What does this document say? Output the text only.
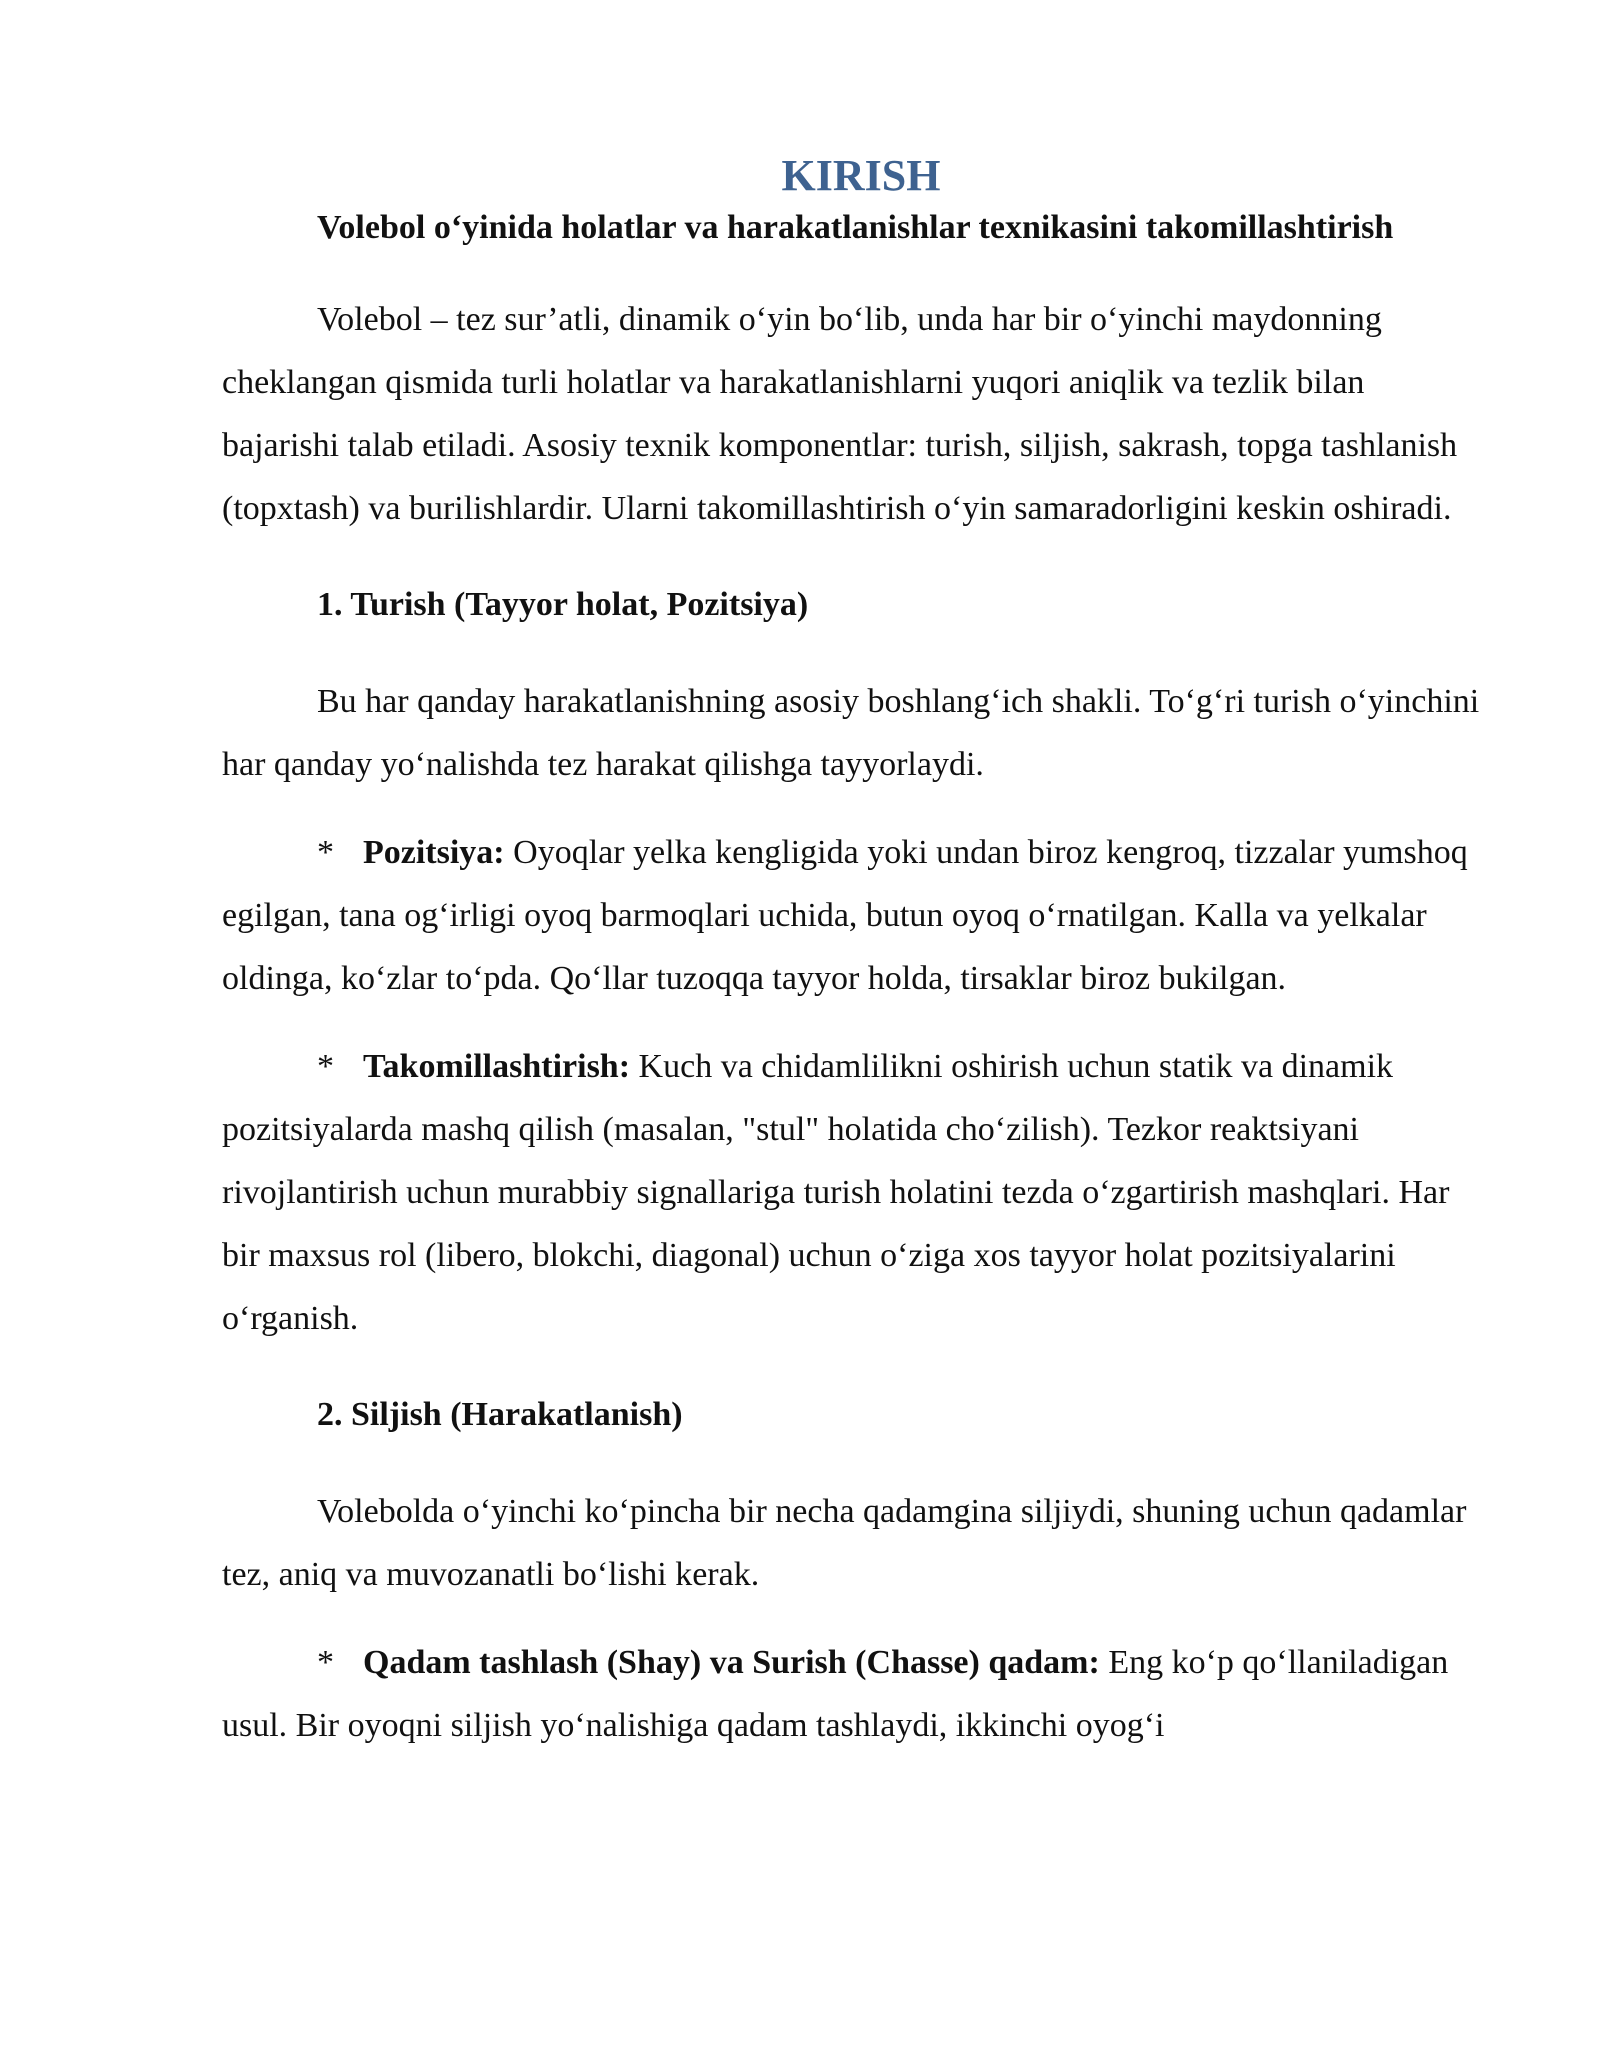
KIRISH
Volebol o‘yinida holatlar va harakatlanishlar texnikasini takomillashtirish

Volebol – tez sur’atli, dinamik o‘yin bo‘lib, unda har bir o‘yinchi maydonning cheklangan qismida turli holatlar va harakatlanishlarni yuqori aniqlik va tezlik bilan bajarishi talab etiladi. Asosiy texnik komponentlar: turish, siljish, sakrash, topga tashlanish (topxtash) va burilishlardir. Ularni takomillashtirish o‘yin samaradorligini keskin oshiradi.

1. Turish (Tayyor holat, Pozitsiya)

Bu har qanday harakatlanishning asosiy boshlang‘ich shakli. To‘g‘ri turish o‘yinchini har qanday yo‘nalishda tez harakat qilishga tayyorlaydi.

* Pozitsiya: Oyoqlar yelka kengligida yoki undan biroz kengroq, tizzalar yumshoq egilgan, tana og‘irligi oyoq barmoqlari uchida, butun oyoq o‘rnatilgan. Kalla va yelkalar oldinga, ko‘zlar to‘pda. Qo‘llar tuzoqqa tayyor holda, tirsaklar biroz bukilgan.

* Takomillashtirish: Kuch va chidamlilikni oshirish uchun statik va dinamik pozitsiyalarda mashq qilish (masalan, "stul" holatida cho‘zilish). Tezkor reaktsiyani rivojlantirish uchun murabbiy signallariga turish holatini tezda o‘zgartirish mashqlari. Har bir maxsus rol (libero, blokchi, diagonal) uchun o‘ziga xos tayyor holat pozitsiyalarini o‘rganish.

2. Siljish (Harakatlanish)

Volebolda o‘yinchi ko‘pincha bir necha qadamgina siljiydi, shuning uchun qadamlar tez, aniq va muvozanatli bo‘lishi kerak.

* Qadam tashlash (Shay) va Surish (Chasse) qadam: Eng ko‘p qo‘llaniladigan usul. Bir oyoqni siljish yo‘nalishiga qadam tashlaydi, ikkinchi oyog‘i
